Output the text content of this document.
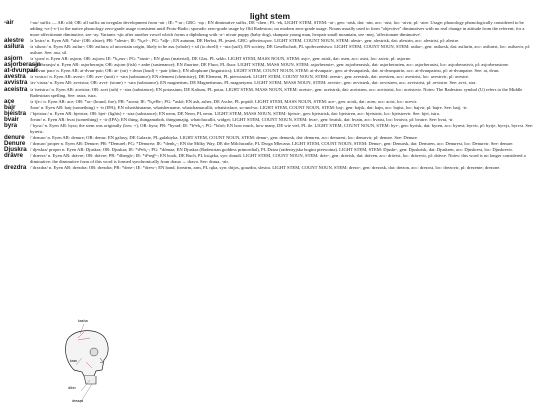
light stem
-air	/-aɪr/ suffix — AR: old; OR: all suffix an irregular development from -air ; IE: *-ar ; GRC: -αρ ; EN diminutive suffix, DE -chen ; PL -ek, LIGHT STEM, STEM: -ai-, gen: -aisk, dat: -ain, acc: -aist, loc: -aivir, pl: -aire. Usage: phonology phonologically considered to be adding -ve (-v-) to the native phonology zero-grade usage consistent until Proto-Radic; sporadic zero-grade usage by Old Radestrac; no modern zero-grade usage. Nouns usually used to form "objective" diminutives with no real change in attitude from the referent; for a more affectionate diminutive, see -ay. Variants -sjir after another vowel which forms a diphthong with -a-: nivair puppy (baby dog), skanpair young man, hvopair small mountain, see -mej, 'affectionate diminutive'.
alestre /aˈlɛstrɛ/ n. Eyen AR: *alst- (OR: alstre); PR: *alestr-; IE: *h₂el- ; PG: *alþ- ; EN autumn, DE Herbst, PL jesień, GRC: φθινόπωρον. LIGHT STEM, COUNT NOUN, STEM: alestr-, gen: alestrisk, dat: alestrin, acc: alestrist, pl: alestre.
asilura /aˈsiluraː/ n. Eyen AR: asilur-; OR: asilura; of uncertain origin, likely to be asu (whole) + sil (to dwell) + -ura (suff); EN society, DE Gesellschaft, PL społeczeństwo. LIGHT STEM, COUNT NOUN, STEM: asilur-, gen: asilursk, dat: asilurin, acc: asilurist, loc: asilurvir, pl: asilure. See: asu, sil.
asjorn /aˈsjɔrn/ n. Eyen AR: asjorn; OR: asjorn; IE: *h₂eus-; PG: *austr- ; EN glass (material), DE Glas, PL szkło. LIGHT STEM, MASS NOUN, STEM: asjo-, gen: asisk, dat: asen, acc: asist, loc: asivir, pl: asjorne.
asjorberasjn
/aˈsjɔrbɛrasjn/ n. Eyen AR: asjorberasjn; OR: asjorn (fish) + anbe (sustenance); EN fluorine, DE Fluor, PL fluor. LIGHT STEM, MASS NOUN, STEM: asjorberaste-, gen: asjorberastsk, dat: asjorberasten, acc: asjorberastst, loc: asjorberastvir, pl: asjorberastone.
at-dvunpair
/at-dvunˈpaɪr/ n. Eyen AR: at-dvun-pair; OR: at- (on) + dvun (loud) + -pair (dim.); EN allophone (linguistics); LIGHT STEM, COUNT NOUN, STEM: at-dvunpair-, gen: at-dvunpairsk, dat: at-dvunpairin, acc: at-dvunpairist, pl: at-dvunpaire. See: at, dvun.
avestra /aˈvɛstraː/ n. Eyen AR: avest-; OR: ave- (unit) + -stra (substance); EN element (chemistry), DE Element, PL pierwiastek. LIGHT STEM, COUNT NOUN, STEM: avestr-, gen: avestrsk, dat: avestren, acc: avestrist, loc: avestrvir, pl: avestre.
avvistra /avˈvistra/ n. Eyen AR: avvistra; OR: avvi- (stone) + -stra (substance); EN magnetism, DE Magnetismus, PL magnetyzm. LIGHT STEM, MASS NOUN, STEM: avvistr-, gen: avvistrsk, dat: avvistren, acc: avvistrist, pl: avvistre. See: avvi, stra.
aceistra /aˈtseistraː/ n. Eyen AR: aceistra; OR: acei (ash) + -stra (substance); EN potassium, DE Kalium, PL potas. LIGHT STEM, MASS NOUN, STEM: aceistr-, gen: aceistrsk, dat: aceistren, acc: aceistrist, loc: aceistrvir. Notes: The Radestrac symbol (U) refers to the Middle Radestrian spelling. See: astra, istra.
açe	/aˈtʃeː/ n. Eyen AR: ace; OR: *ac- (brand, fire); PR: *aceat; IE: *h₂eHs-; PG: *askō; EN ash, ashes, DE Asche, PL popiół. LIGHT STEM, MASS NOUN, STEM: ace-, gen: acisk, dat: acen, acc: acist, loc: acevir.
bajr	/baɪr/ n. Eyen AR: baij (something) + -ir (IPA); EN whatshisname, whatshername, whatchamacallit, whatsitsface, so-and-so; LIGHT STEM, COUNT NOUN, STEM: baj-, gen: bajsk, dat: bajn, acc: bajist, loc: bajvir, pl: bajre. See: baij, -ir.
bjeistra /ˈbjeistraː/ n. Eyen AR: bjeistra; OR: bjei- (lights) + -stra (substance); EN neon, DE Neon, PL neon. LIGHT STEM, MASS NOUN, STEM: bjeistr-, gen: bjeistrisk, dat: bjeistren, acc: bjeistrist, loc: bjeistrevir. See: bjei, istra.
bvair /bvaɪr/ n. Eyen AR: bvai (something) + -ir (IPA); EN thing, thingamabob, thingamajig, whatchacallit, widget; LIGHT STEM, COUNT NOUN, STEM: bvai-, gen: bvaisk, dat: bvain, acc: bvaist, loc: bvaivir, pl: bvaire. See: bvai, -ir.
byra	/ˈbyraː/ n. Eyen AR: byra; the stem was originally (low; +), OR: byra; PR: *byrad; IE: *bʰeh₂-; PG: *bōrō; EN how much, how many, DE wie viel, PL ile. LIGHT STEM, COUNT NOUN, STEM: byr-, gen: byrisk, dat: byren, acc: byrest; byrvir, pl: byrje, byrvjs, byrvst. See: byreist.
denure /ˈdɛnurɛ/ n. Eyen AR: denure; OR: denur; EN galaxy, DE Galaxie, PL galaktyka. LIGHT STEM, COUNT NOUN, STEM: denur-, gen: denursk, dat: denuren, acc: denurest, loc: denurvir, pl: denure. See: Denure.
Denure /ˈdɛnurɛ/ proper n. Eyen AR: Denure; PR: *Denurel; PG: *Denurez; IE: *denh₂-; EN the Milky Way, DE die Milchstraße, PL Droga Mleczna. LIGHT STEM, COUNT NOUN, STEM: Denur-, gen: Denursk, dat: Denuren, acc: Denurest, loc: Denurvir. See: denure.
Djuskra /ˈdjʊskra/ proper n. Eyen AR: Djuskra; OR: Djuskra; IE: *dʰeh₁-; PG: *dōmaz; EN Djuskra (Radestrian goddess primordial), PL Dziza (radestryjska bogini pierwotna). LIGHT STEM, STEM: Djuskr-, gen: Djuskrisk, dat: Djuskren, acc: Djuskrest, loc: Djuskrevir.
drävre /ˈdrævrɛ/ n. Eyen AR: drävre; OR: drävre; PR: *dhregh-; IE: *dʰreǵʰ-; EN book, DE Buch, PL książka, syn: draudi. LIGHT STEM, COUNT NOUN, STEM: dräv-, gen: drävisk, dat: dräven, acc: drävist, loc: drävevir, pl: drävre. Notes: this word is no longer considered a diminutive: the diminutive form of this word is formed synchronically from draua → drava. See: draua, -air.
drezdra /ˈdrɛzdra/ n. Eyen AR: drezdra; OR: drezdra; PR: *drez-; IE: *drew-; EN hand, forearm, arm, PL ręka, syn: drijos, gouzdra, slestra. LIGHT STEM, COUNT NOUN, STEM: drezo-, gen: drezosk, dat: drezon, acc: drezost, loc: drezovir, pl: drezente; drezone.
kasha
kran
dlinn
dreaza
